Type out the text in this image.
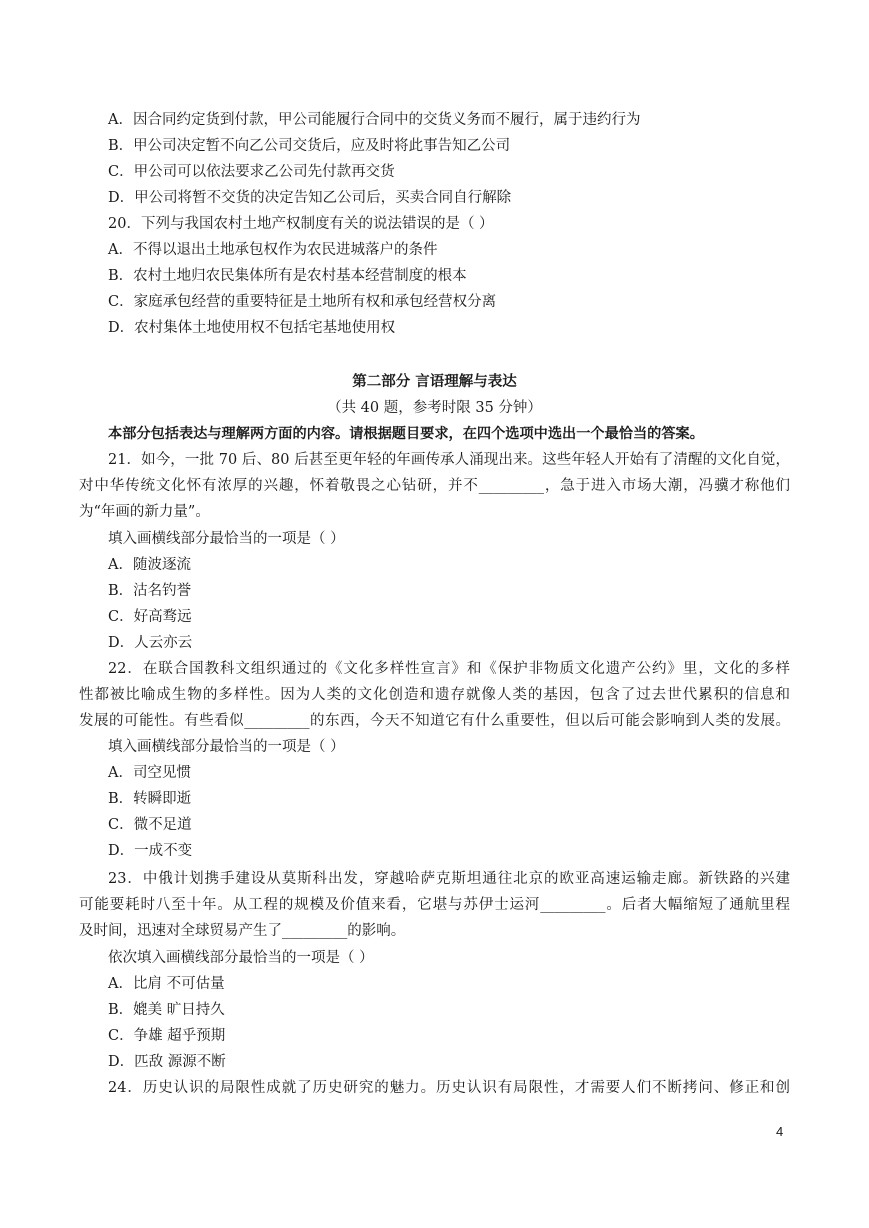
A．因合同约定货到付款，甲公司能履行合同中的交货义务而不履行，属于违约行为
B．甲公司决定暂不向乙公司交货后，应及时将此事告知乙公司
C．甲公司可以依法要求乙公司先付款再交货
D．甲公司将暂不交货的决定告知乙公司后，买卖合同自行解除
20．下列与我国农村土地产权制度有关的说法错误的是（ ）
A．不得以退出土地承包权作为农民进城落户的条件
B．农村土地归农民集体所有是农村基本经营制度的根本
C．家庭承包经营的重要特征是土地所有权和承包经营权分离
D．农村集体土地使用权不包括宅基地使用权
第二部分 言语理解与表达
（共 40 题，参考时限 35 分钟）
本部分包括表达与理解两方面的内容。请根据题目要求，在四个选项中选出一个最恰当的答案。
21．如今，一批 70 后、80 后甚至更年轻的年画传承人涌现出来。这些年轻人开始有了清醒的文化自觉，
对中华传统文化怀有浓厚的兴趣，怀着敬畏之心钻研，并不_________，急于进入市场大潮，冯骥才称他们
为“年画的新力量”。
填入画横线部分最恰当的一项是（ ）
A．随波逐流
B．沽名钓誉
C．好高骛远
D．人云亦云
22．在联合国教科文组织通过的《文化多样性宣言》和《保护非物质文化遗产公约》里，文化的多样
性都被比喻成生物的多样性。因为人类的文化创造和遗存就像人类的基因，包含了过去世代累积的信息和
发展的可能性。有些看似_________的东西，今天不知道它有什么重要性，但以后可能会影响到人类的发展。
填入画横线部分最恰当的一项是（ ）
A．司空见惯
B．转瞬即逝
C．微不足道
D．一成不变
23．中俄计划携手建设从莫斯科出发，穿越哈萨克斯坦通往北京的欧亚高速运输走廊。新铁路的兴建
可能要耗时八至十年。从工程的规模及价值来看，它堪与苏伊士运河_________。后者大幅缩短了通航里程
及时间，迅速对全球贸易产生了_________的影响。
依次填入画横线部分最恰当的一项是（ ）
A．比肩 不可估量
B．媲美 旷日持久
C．争雄 超乎预期
D．匹敌 源源不断
24．历史认识的局限性成就了历史研究的魅力。历史认识有局限性，才需要人们不断拷问、修正和创
4
